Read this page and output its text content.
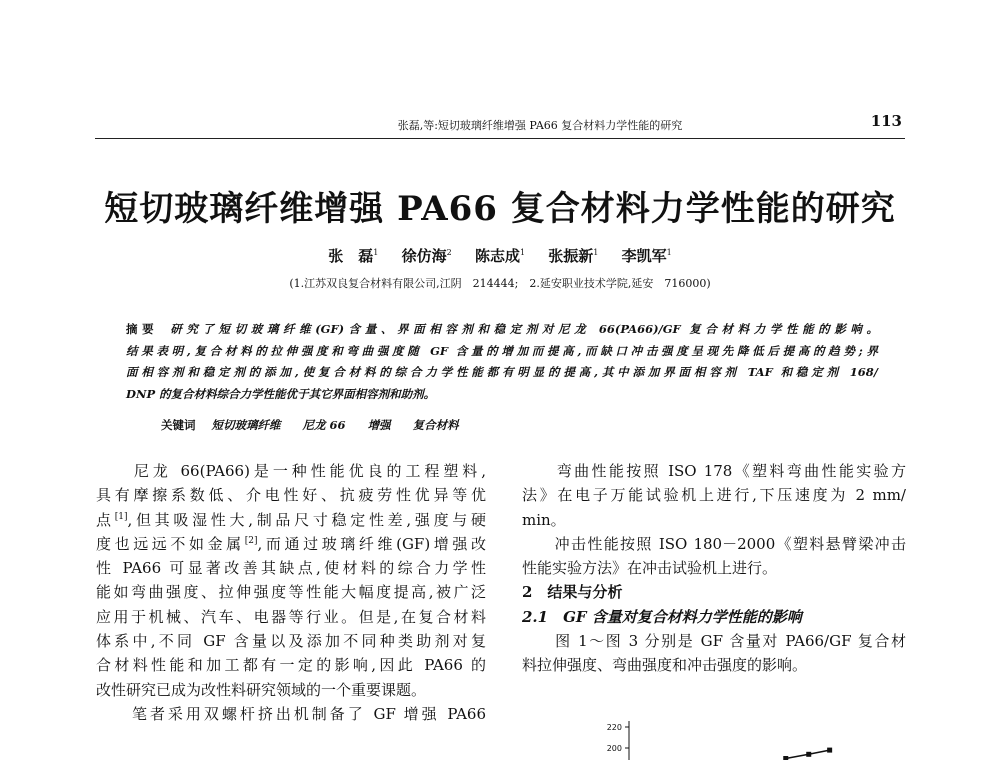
张磊,等:短切玻璃纤维增强 PA66 复合材料力学性能的研究	113
短切玻璃纤维增强 PA66 复合材料力学性能的研究
张　磊$^1$ 徐仿海$^2$ 陈志成$^1$ 张振新$^1$ 李凯军$^1$
(1.江苏双良复合材料有限公司,江阴　214444;　2.延安职业技术学院,延安　716000)
摘要 研究了短切玻璃纤维(GF)含量、界面相容剂和稳定剂对尼龙 66(PA66)/GF 复合材料力学性能的影响。
结果表明,复合材料的拉伸强度和弯曲强度随 GF 含量的增加而提高,而缺口冲击强度呈现先降低后提高的趋势;界
面相容剂和稳定剂的添加,使复合材料的综合力学性能都有明显的提高,其中添加界面相容剂 TAF 和稳定剂 168/
DNP 的复合材料综合力学性能优于其它界面相容剂和助剂。
关键词 短切玻璃纤维 尼龙 66 增强 复合材料
　　尼龙 66(PA66)是一种性能优良的工程塑料,
具有摩擦系数低、介电性好、抗疲劳性优异等优
点[1],但其吸湿性大,制品尺寸稳定性差,强度与硬
度也远远不如金属[2],而通过玻璃纤维(GF)增强改
性 PA66 可显著改善其缺点,使材料的综合力学性
能如弯曲强度、拉伸强度等性能大幅度提高,被广泛
应用于机械、汽车、电器等行业。但是,在复合材料
体系中,不同 GF 含量以及添加不同种类助剂对复
合材料性能和加工都有一定的影响,因此 PA66 的
改性研究已成为改性料研究领域的一个重要课题。
　　笔者采用双螺杆挤出机制备了 GF 增强 PA66
　　弯曲性能按照 ISO 178《塑料弯曲性能实验方
法》在电子万能试验机上进行,下压速度为 2 mm/
min。
　　冲击性能按照 ISO 180－2000《塑料悬臂梁冲击
性能实验方法》在冲击试验机上进行。
2　结果与分析
2.1　GF 含量对复合材料力学性能的影响
　　图 1～图 3 分别是 GF 含量对 PA66/GF 复合材
料拉伸强度、弯曲强度和冲击强度的影响。
220
200
